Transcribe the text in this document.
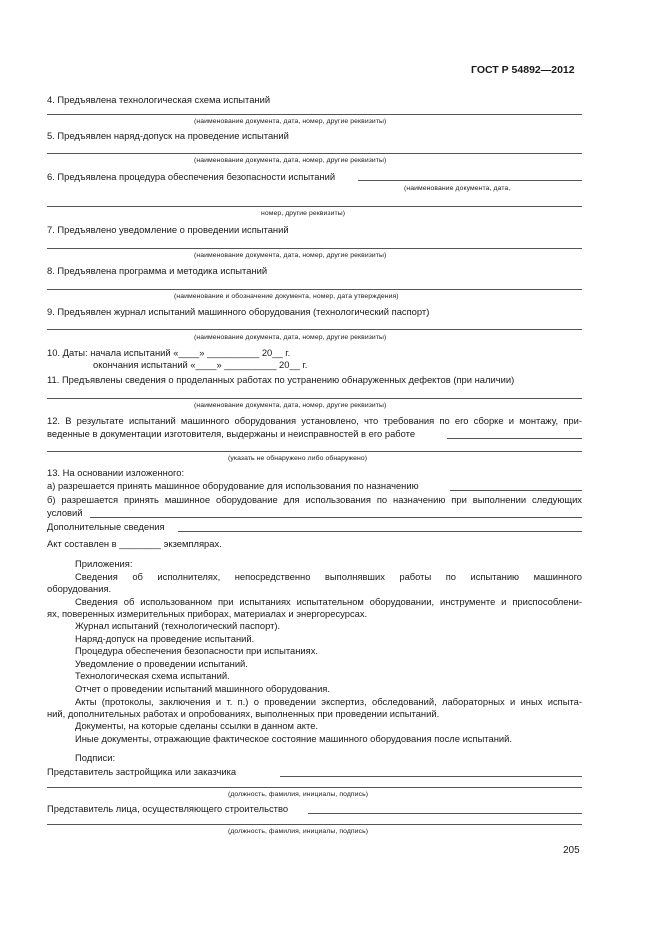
ГОСТ Р 54892—2012
4. Предъявлена технологическая схема испытаний
(наименование документа, дата, номер, другие реквизиты)
5. Предъявлен наряд-допуск на проведение испытаний
(наименование документа, дата, номер, другие реквизиты)
6. Предъявлена процедура обеспечения безопасности испытаний
(наименование документа, дата,
номер, другие реквизиты)
7. Предъявлено уведомление о проведении испытаний
(наименование документа, дата, номер, другие реквизиты)
8. Предъявлена программа и методика испытаний
(наименование и обозначение документа, номер, дата утверждения)
9. Предъявлен журнал испытаний машинного оборудования (технологический паспорт)
(наименование документа, дата, номер, другие реквизиты)
10. Даты: начала испытаний «____» __________ 20__ г.
окончания испытаний «____» __________ 20__ г.
11. Предъявлены сведения о проделанных работах по устранению обнаруженных дефектов (при наличии)
(наименование документа, дата, номер, другие реквизиты)
12. В результате испытаний машинного оборудования установлено, что требования по его сборке и монтажу, при-
веденные в документации изготовителя, выдержаны и неисправностей в его работе
(указать не обнаружено либо обнаружено)
13. На основании изложенного:
а) разрешается принять машинное оборудование для использования по назначению
б) разрешается принять машинное оборудование для использования по назначению при выполнении следующих
условий
Дополнительные сведения
Акт составлен в ________ экземплярах.
Приложения:
Сведения об исполнителях, непосредственно выполнявших работы по испытанию машинного
оборудования.
Сведения об использованном при испытаниях испытательном оборудовании, инструменте и приспособлени-
ях, поверенных измерительных приборах, материалах и энергоресурсах.
Журнал испытаний (технологический паспорт).
Наряд-допуск на проведение испытаний.
Процедура обеспечения безопасности при испытаниях.
Уведомление о проведении испытаний.
Технологическая схема испытаний.
Отчет о проведении испытаний машинного оборудования.
Акты (протоколы, заключения и т. п.) о проведении экспертиз, обследований, лабораторных и иных испыта-
ний, дополнительных работах и опробованиях, выполненных при проведении испытаний.
Документы, на которые сделаны ссылки в данном акте.
Иные документы, отражающие фактическое состояние машинного оборудования после испытаний.
Подписи:
Представитель застройщика или заказчика
(должность, фамилия, инициалы, подпись)
Представитель лица, осуществляющего строительство
(должность, фамилия, инициалы, подпись)
205
